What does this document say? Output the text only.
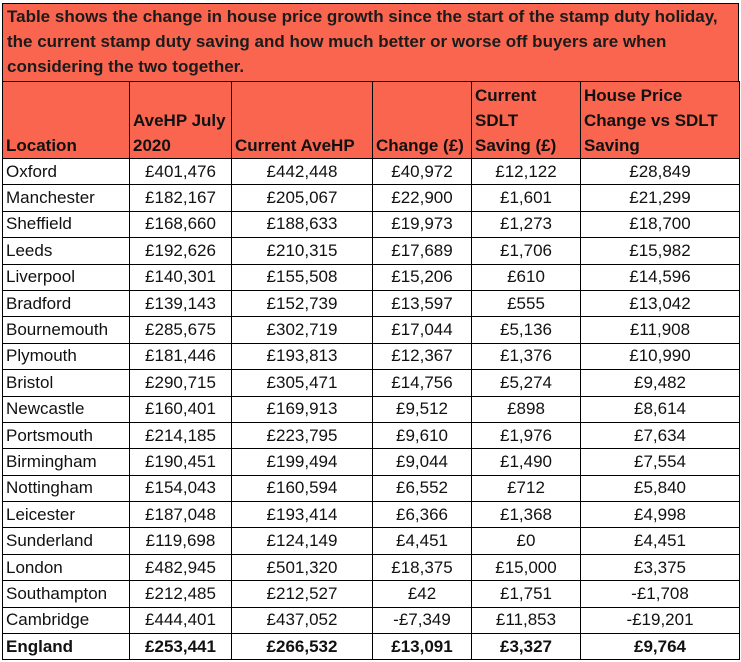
Table shows the change in house price growth since the start of the stamp duty holiday, the current stamp duty saving and how much better or worse off buyers are when considering the two together.
Location	AveHP July 2020	Current AveHP	Change (£)	Current SDLT Saving (£)	House Price Change vs SDLT Saving
Oxford	£401,476	£442,448	£40,972	£12,122	£28,849
Manchester	£182,167	£205,067	£22,900	£1,601	£21,299
Sheffield	£168,660	£188,633	£19,973	£1,273	£18,700
Leeds	£192,626	£210,315	£17,689	£1,706	£15,982
Liverpool	£140,301	£155,508	£15,206	£610	£14,596
Bradford	£139,143	£152,739	£13,597	£555	£13,042
Bournemouth	£285,675	£302,719	£17,044	£5,136	£11,908
Plymouth	£181,446	£193,813	£12,367	£1,376	£10,990
Bristol	£290,715	£305,471	£14,756	£5,274	£9,482
Newcastle	£160,401	£169,913	£9,512	£898	£8,614
Portsmouth	£214,185	£223,795	£9,610	£1,976	£7,634
Birmingham	£190,451	£199,494	£9,044	£1,490	£7,554
Nottingham	£154,043	£160,594	£6,552	£712	£5,840
Leicester	£187,048	£193,414	£6,366	£1,368	£4,998
Sunderland	£119,698	£124,149	£4,451	£0	£4,451
London	£482,945	£501,320	£18,375	£15,000	£3,375
Southampton	£212,485	£212,527	£42	£1,751	-£1,708
Cambridge	£444,401	£437,052	-£7,349	£11,853	-£19,201
England	£253,441	£266,532	£13,091	£3,327	£9,764
